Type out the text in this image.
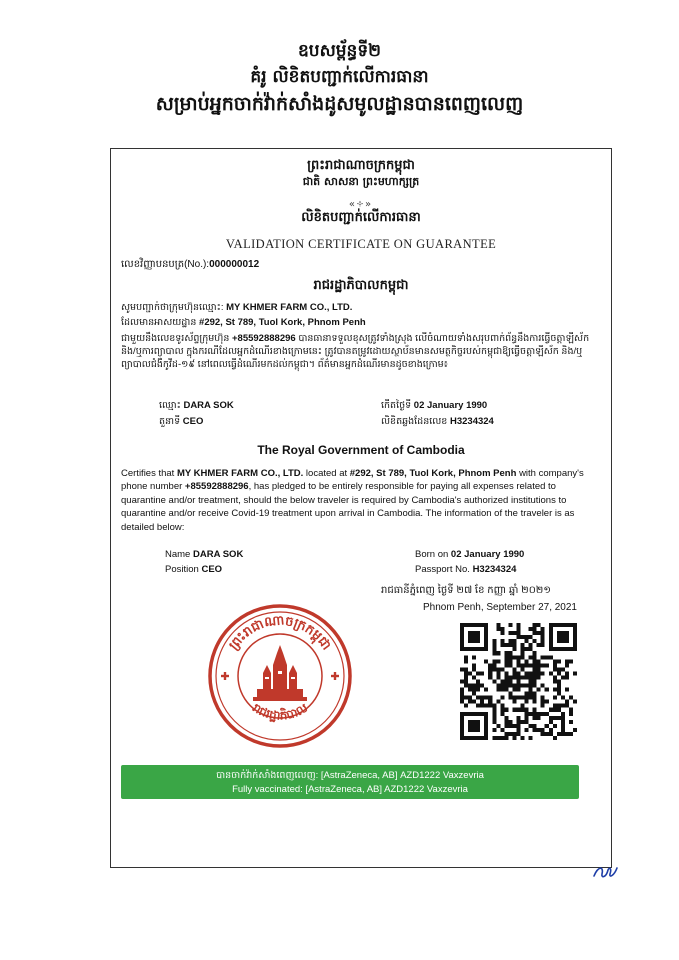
ឧបសម្ព័ន្ធទី២
គំរូ លិខិតបញ្ជាក់លើការធានា
សម្រាប់អ្នកចាក់វ៉ាក់សាំងដូសមូលដ្ឋានបានពេញលេញ
ព្រះរាជាណាចក្រកម្ពុជា
ជាតិ សាសនា ព្រះមហាក្សត្រ
«༓»
លិខិតបញ្ជាក់លើការធានា
VALIDATION CERTIFICATE ON GUARANTEE
លេខវិញ្ញាបនបត្រ(No.):000000012
រាជរដ្ឋាភិបាលកម្ពុជា
សូមបញ្ជាក់ថាក្រុមហ៊ុនឈ្មោះ: MY KHMER FARM CO., LTD.
ដែលមានអាសយដ្ឋាន #292, St 789, Tuol Kork, Phnom Penh
ជាមួយនឹងលេខទូរស័ព្ទក្រុមហ៊ុន +85592888296 បានធានាទទួលខុសត្រូវទាំងស្រុង លើចំណាយទាំងសរុបពាក់ព័ន្ធនឹងការធ្វើចត្តាឡីស័ក និង/ឬការព្យាបាល ក្នុងករណីដែលអ្នកដំណើរខាងក្រោមនេះ ត្រូវបានតម្រូវដោយស្ថាប័នមានសមត្ថកិច្ចរបស់កម្ពុជាឱ្យធ្វើចត្តាឡីស័ក និង/ឬព្យាបាលជំងឺកូវីដ-១៩ នៅពេលធ្វើដំណើរមកដល់កម្ពុជា។ ព័ត៌មានអ្នកដំណើរមានដូចខាងក្រោម៖
ឈ្មោះ DARA SOK
តួនាទី CEO
កើតថ្ងៃទី 02 January 1990
លិខិតឆ្លងដែនលេខ H3234324
The Royal Government of Cambodia
Certifies that MY KHMER FARM CO., LTD. located at #292, St 789, Tuol Kork, Phnom Penh with company's phone number +85592888296, has pledged to be entirely responsible for paying all expenses related to quarantine and/or treatment, should the below traveler is required by Cambodia's authorized institutions to quarantine and/or receive Covid-19 treatment upon arrival in Cambodia. The information of the traveler is as detailed below:
Name DARA SOK
Position CEO
Born on 02 January 1990
Passport No. H3234324
រាជធានីភ្នំពេញ ថ្ងៃទី ២៧ ខែ កញ្ញា ឆ្នាំ ២០២១
Phnom Penh, September 27, 2021
ព្រះរាជាណាចក្រកម្ពុជា
រាជរដ្ឋាភិបាល
បានចាក់វ៉ាក់សាំងពេញលេញ: [AstraZeneca, AB] AZD1222 Vaxzevria
Fully vaccinated: [AstraZeneca, AB] AZD1222 Vaxzevria
